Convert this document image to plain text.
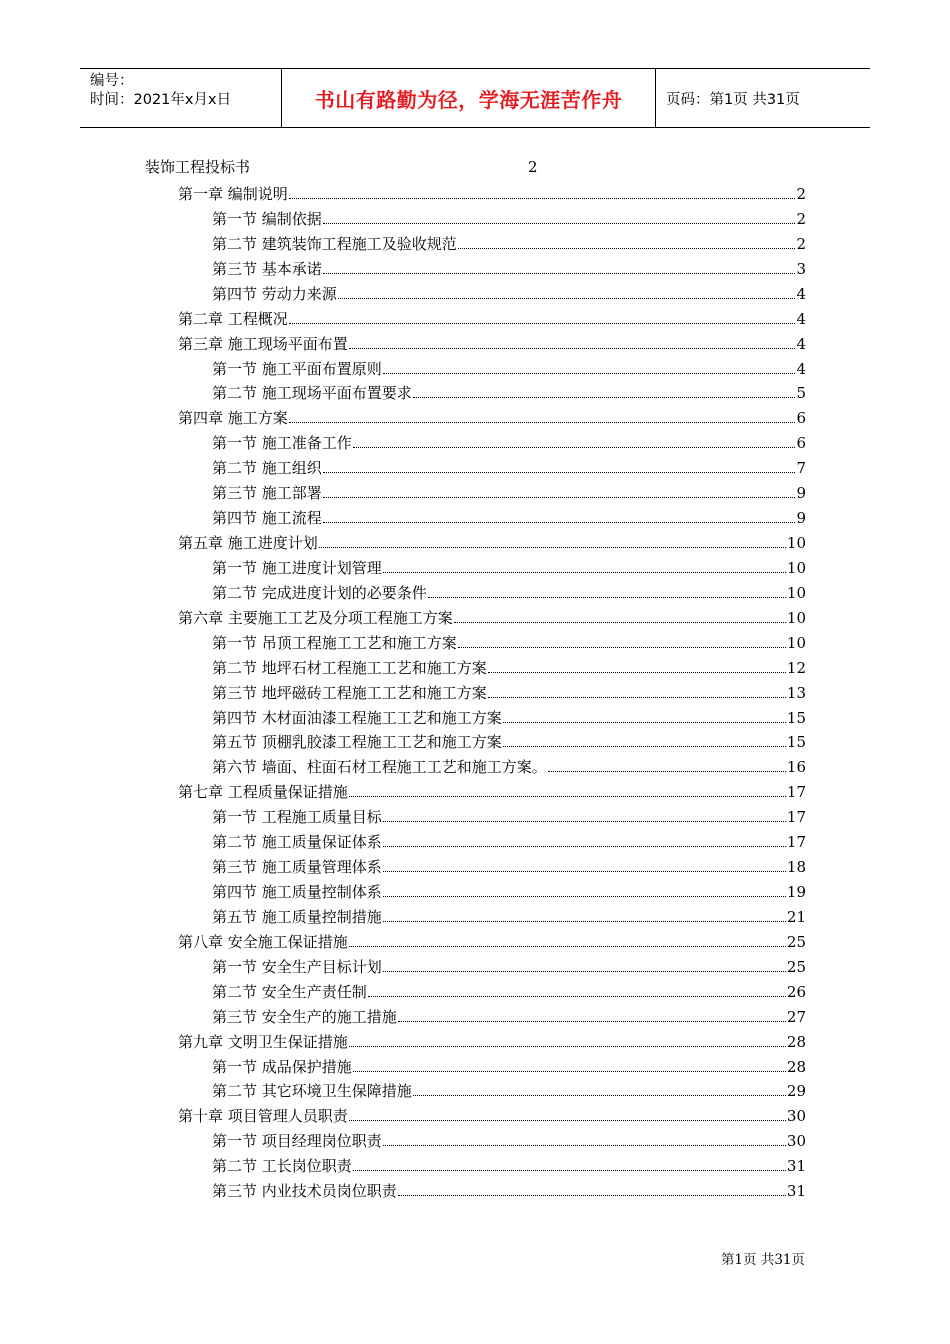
编号：
时间：2021年x月x日	书山有路勤为径，学海无涯苦作舟	页码：第1页 共31页
装饰工程投标书	2
第一章 编制说明	2
第一节 编制依据	2
第二节 建筑装饰工程施工及验收规范	2
第三节 基本承诺	3
第四节 劳动力来源	4
第二章 工程概况	4
第三章 施工现场平面布置	4
第一节 施工平面布置原则	4
第二节 施工现场平面布置要求	5
第四章 施工方案	6
第一节 施工准备工作	6
第二节 施工组织	7
第三节 施工部署	9
第四节 施工流程	9
第五章 施工进度计划	10
第一节 施工进度计划管理	10
第二节 完成进度计划的必要条件	10
第六章 主要施工工艺及分项工程施工方案	10
第一节 吊顶工程施工工艺和施工方案	10
第二节 地坪石材工程施工工艺和施工方案	12
第三节 地坪磁砖工程施工工艺和施工方案	13
第四节 木材面油漆工程施工工艺和施工方案	15
第五节 顶棚乳胶漆工程施工工艺和施工方案	15
第六节 墙面、柱面石材工程施工工艺和施工方案。	16
第七章 工程质量保证措施	17
第一节 工程施工质量目标	17
第二节 施工质量保证体系	17
第三节 施工质量管理体系	18
第四节 施工质量控制体系	19
第五节 施工质量控制措施	21
第八章 安全施工保证措施	25
第一节 安全生产目标计划	25
第二节 安全生产责任制	26
第三节 安全生产的施工措施	27
第九章 文明卫生保证措施	28
第一节 成品保护措施	28
第二节 其它环境卫生保障措施	29
第十章 项目管理人员职责	30
第一节 项目经理岗位职责	30
第二节 工长岗位职责	31
第三节 内业技术员岗位职责	31
第1页 共31页
